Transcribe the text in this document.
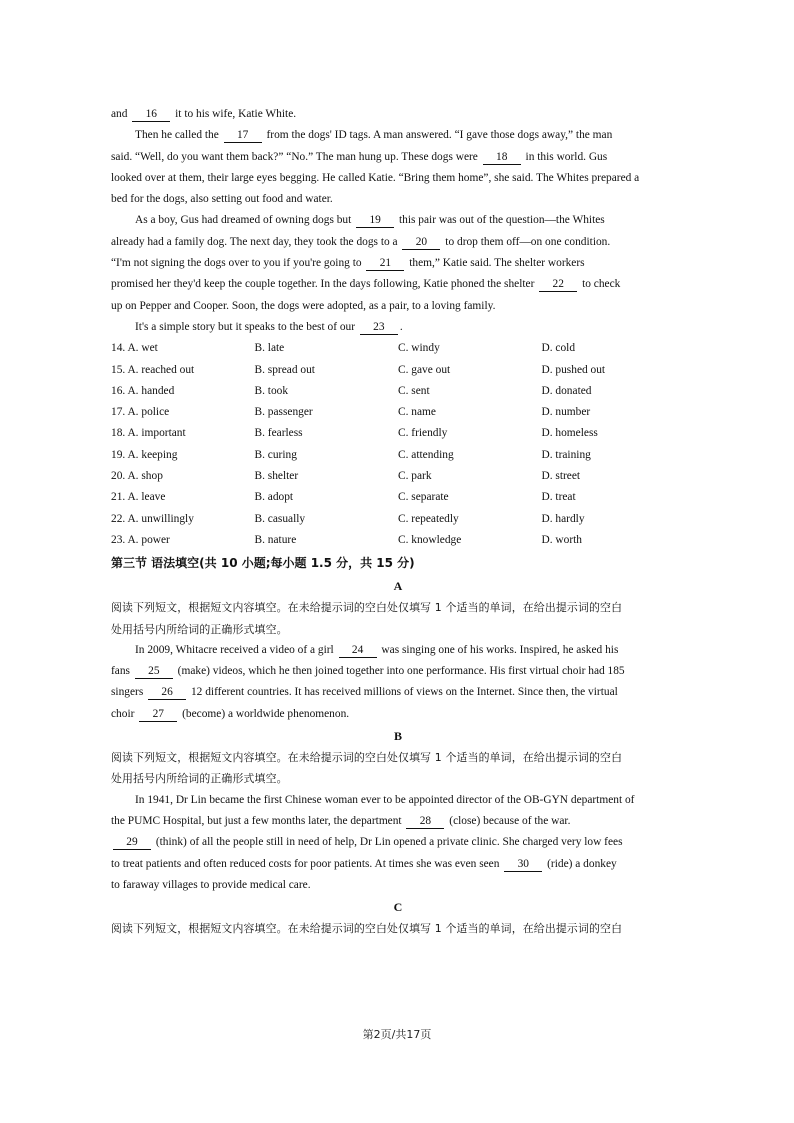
and 16 it to his wife, Katie White.
Then he called the 17 from the dogs' ID tags. A man answered. “I gave those dogs away,” the man
said. “Well, do you want them back?” “No.” The man hung up. These dogs were 18 in this world. Gus
looked over at them, their large eyes begging. He called Katie. “Bring them home”, she said. The Whites prepared a
bed for the dogs, also setting out food and water.
As a boy, Gus had dreamed of owning dogs but 19 this pair was out of the question—the Whites
already had a family dog. The next day, they took the dogs to a 20 to drop them off—on one condition.
“I'm not signing the dogs over to you if you're going to 21 them,” Katie said. The shelter workers
promised her they'd keep the couple together. In the days following, Katie phoned the shelter 22 to check
up on Pepper and Cooper. Soon, the dogs were adopted, as a pair, to a loving family.
It's a simple story but it speaks to the best of our 23 .
14. A. wet	B. late	C. windy	D. cold
15. A. reached out	B. spread out	C. gave out	D. pushed out
16. A. handed	B. took	C. sent	D. donated
17. A. police	B. passenger	C. name	D. number
18. A. important	B. fearless	C. friendly	D. homeless
19. A. keeping	B. curing	C. attending	D. training
20. A. shop	B. shelter	C. park	D. street
21. A. leave	B. adopt	C. separate	D. treat
22. A. unwillingly	B. casually	C. repeatedly	D. hardly
23. A. power	B. nature	C. knowledge	D. worth
第三节 语法填空(共 10 小题;每小题 1.5 分，共 15 分)
A
阅读下列短文，根据短文内容填空。在未给提示词的空白处仅填写 1 个适当的单词，在给出提示词的空白
处用括号内所给词的正确形式填空。
In 2009, Whitacre received a video of a girl 24 was singing one of his works. Inspired, he asked his
fans 25 (make) videos, which he then joined together into one performance. His first virtual choir had 185
singers 26 12 different countries. It has received millions of views on the Internet. Since then, the virtual
choir 27 (become) a worldwide phenomenon.
B
阅读下列短文，根据短文内容填空。在未给提示词的空白处仅填写 1 个适当的单词，在给出提示词的空白
处用括号内所给词的正确形式填空。
In 1941, Dr Lin became the first Chinese woman ever to be appointed director of the OB-GYN department of
the PUMC Hospital, but just a few months later, the department 28 (close) because of the war.
29 (think) of all the people still in need of help, Dr Lin opened a private clinic. She charged very low fees
to treat patients and often reduced costs for poor patients. At times she was even seen 30 (ride) a donkey
to faraway villages to provide medical care.
C
阅读下列短文，根据短文内容填空。在未给提示词的空白处仅填写 1 个适当的单词，在给出提示词的空白
第2页/共17页
